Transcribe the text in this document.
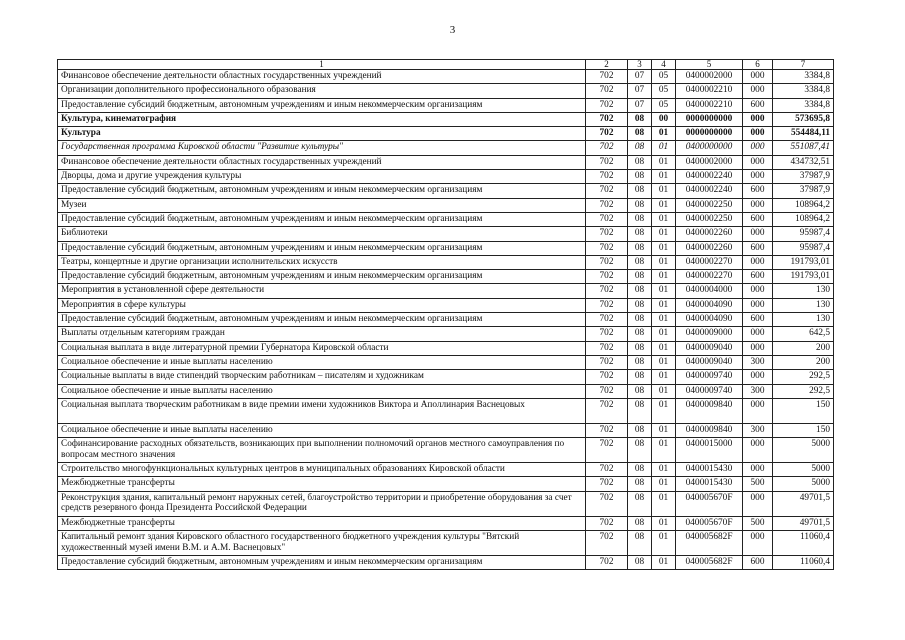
3
1	2	3	4	5	6	7
Финансовое обеспечение деятельности областных государственных учреждений	702	07	05	0400002000	000	3384,8
Организации дополнительного профессионального образования	702	07	05	0400002210	000	3384,8
Предоставление субсидий бюджетным, автономным учреждениям и иным некоммерческим организациям	702	07	05	0400002210	600	3384,8
Культура, кинематография	702	08	00	0000000000	000	573695,8
Культура	702	08	01	0000000000	000	554484,11
Государственная программа Кировской области "Развитие культуры"	702	08	01	0400000000	000	551087,41
Финансовое обеспечение деятельности областных государственных учреждений	702	08	01	0400002000	000	434732,51
Дворцы, дома и другие учреждения культуры	702	08	01	0400002240	000	37987,9
Предоставление субсидий бюджетным, автономным учреждениям и иным некоммерческим организациям	702	08	01	0400002240	600	37987,9
Музеи	702	08	01	0400002250	000	108964,2
Предоставление субсидий бюджетным, автономным учреждениям и иным некоммерческим организациям	702	08	01	0400002250	600	108964,2
Библиотеки	702	08	01	0400002260	000	95987,4
Предоставление субсидий бюджетным, автономным учреждениям и иным некоммерческим организациям	702	08	01	0400002260	600	95987,4
Театры, концертные и другие организации исполнительских искусств	702	08	01	0400002270	000	191793,01
Предоставление субсидий бюджетным, автономным учреждениям и иным некоммерческим организациям	702	08	01	0400002270	600	191793,01
Мероприятия в установленной сфере деятельности	702	08	01	0400004000	000	130
Мероприятия в сфере культуры	702	08	01	0400004090	000	130
Предоставление субсидий бюджетным, автономным учреждениям и иным некоммерческим организациям	702	08	01	0400004090	600	130
Выплаты отдельным категориям граждан	702	08	01	0400009000	000	642,5
Социальная выплата в виде литературной премии Губернатора Кировской области	702	08	01	0400009040	000	200
Социальное обеспечение и иные выплаты населению	702	08	01	0400009040	300	200
Социальные выплаты в виде стипендий творческим работникам – писателям и художникам	702	08	01	0400009740	000	292,5
Социальное обеспечение и иные выплаты населению	702	08	01	0400009740	300	292,5
Социальная выплата творческим работникам в виде премии имени художников Виктора и Аполлинария Васнецовых	702	08	01	0400009840	000	150
Социальное обеспечение и иные выплаты населению	702	08	01	0400009840	300	150
Софинансирование расходных обязательств, возникающих при выполнении полномочий органов местного самоуправления по вопросам местного значения	702	08	01	0400015000	000	5000
Строительство многофункциональных культурных центров в муниципальных образованиях Кировской области	702	08	01	0400015430	000	5000
Межбюджетные трансферты	702	08	01	0400015430	500	5000
Реконструкция здания, капитальный ремонт наружных сетей, благоустройство территории и приобретение оборудования за счет средств резервного фонда Президента Российской Федерации	702	08	01	040005670F	000	49701,5
Межбюджетные трансферты	702	08	01	040005670F	500	49701,5
Капитальный ремонт здания Кировского областного государственного бюджетного учреждения культуры "Вятский художественный музей имени В.М. и А.М. Васнецовых"	702	08	01	040005682F	000	11060,4
Предоставление субсидий бюджетным, автономным учреждениям и иным некоммерческим организациям	702	08	01	040005682F	600	11060,4
